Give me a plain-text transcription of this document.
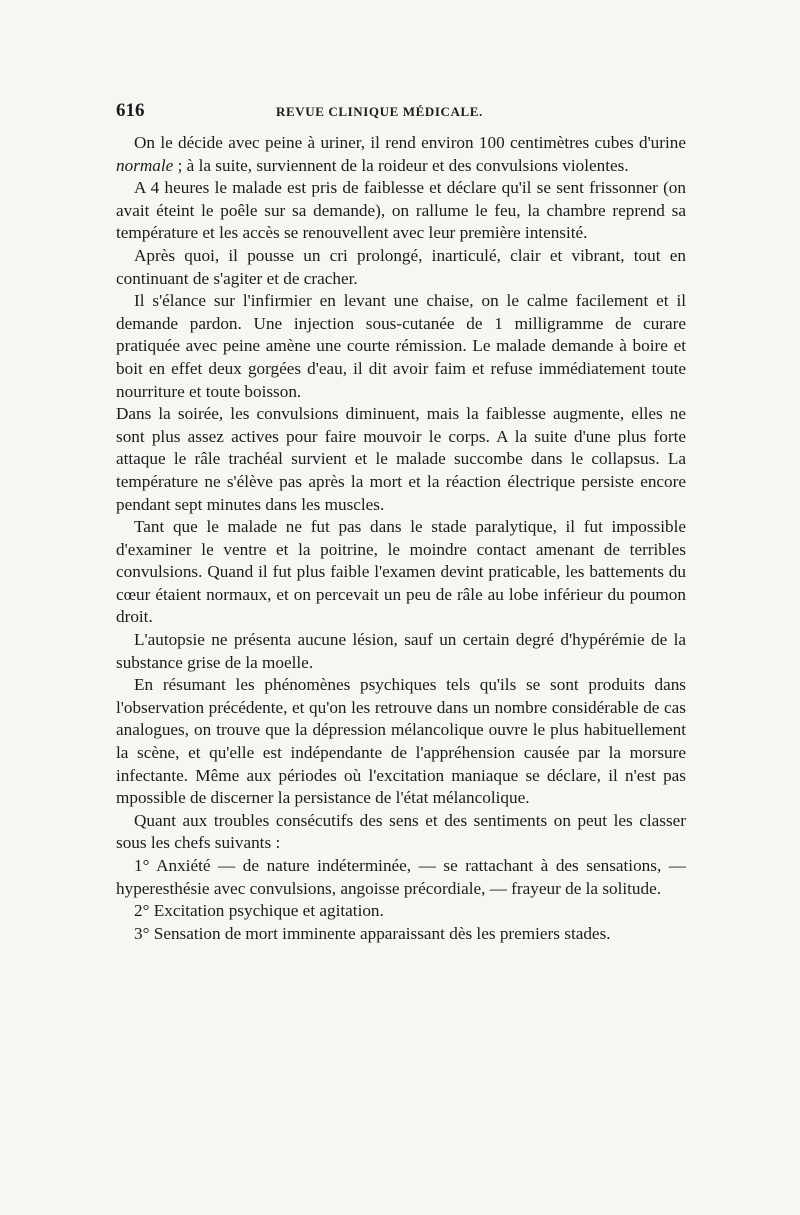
616	REVUE CLINIQUE MÉDICALE.

On le décide avec peine à uriner, il rend environ 100 centimètres cubes d'urine normale ; à la suite, surviennent de la roideur et des convulsions violentes.

A 4 heures le malade est pris de faiblesse et déclare qu'il se sent frissonner (on avait éteint le poêle sur sa demande), on rallume le feu, la chambre reprend sa température et les accès se renouvellent avec leur première intensité.

Après quoi, il pousse un cri prolongé, inarticulé, clair et vibrant, tout en continuant de s'agiter et de cracher.

Il s'élance sur l'infirmier en levant une chaise, on le calme facilement et il demande pardon. Une injection sous-cutanée de 1 milligramme de curare pratiquée avec peine amène une courte rémission. Le malade demande à boire et boit en effet deux gorgées d'eau, il dit avoir faim et refuse immédiatement toute nourriture et toute boisson.

Dans la soirée, les convulsions diminuent, mais la faiblesse augmente, elles ne sont plus assez actives pour faire mouvoir le corps. A la suite d'une plus forte attaque le râle trachéal survient et le malade succombe dans le collapsus. La température ne s'élève pas après la mort et la réaction électrique persiste encore pendant sept minutes dans les muscles.

Tant que le malade ne fut pas dans le stade paralytique, il fut impossible d'examiner le ventre et la poitrine, le moindre contact amenant de terribles convulsions. Quand il fut plus faible l'examen devint praticable, les battements du cœur étaient normaux, et on percevait un peu de râle au lobe inférieur du poumon droit.

L'autopsie ne présenta aucune lésion, sauf un certain degré d'hypérémie de la substance grise de la moelle.

En résumant les phénomènes psychiques tels qu'ils se sont produits dans l'observation précédente, et qu'on les retrouve dans un nombre considérable de cas analogues, on trouve que la dépression mélancolique ouvre le plus habituellement la scène, et qu'elle est indépendante de l'appréhension causée par la morsure infectante. Même aux périodes où l'excitation maniaque se déclare, il n'est pas mpossible de discerner la persistance de l'état mélancolique.

Quant aux troubles consécutifs des sens et des sentiments on peut les classer sous les chefs suivants :

1° Anxiété — de nature indéterminée, — se rattachant à des sensations, — hyperesthésie avec convulsions, angoisse précordiale, — frayeur de la solitude.

2° Excitation psychique et agitation.

3° Sensation de mort imminente apparaissant dès les premiers stades.
